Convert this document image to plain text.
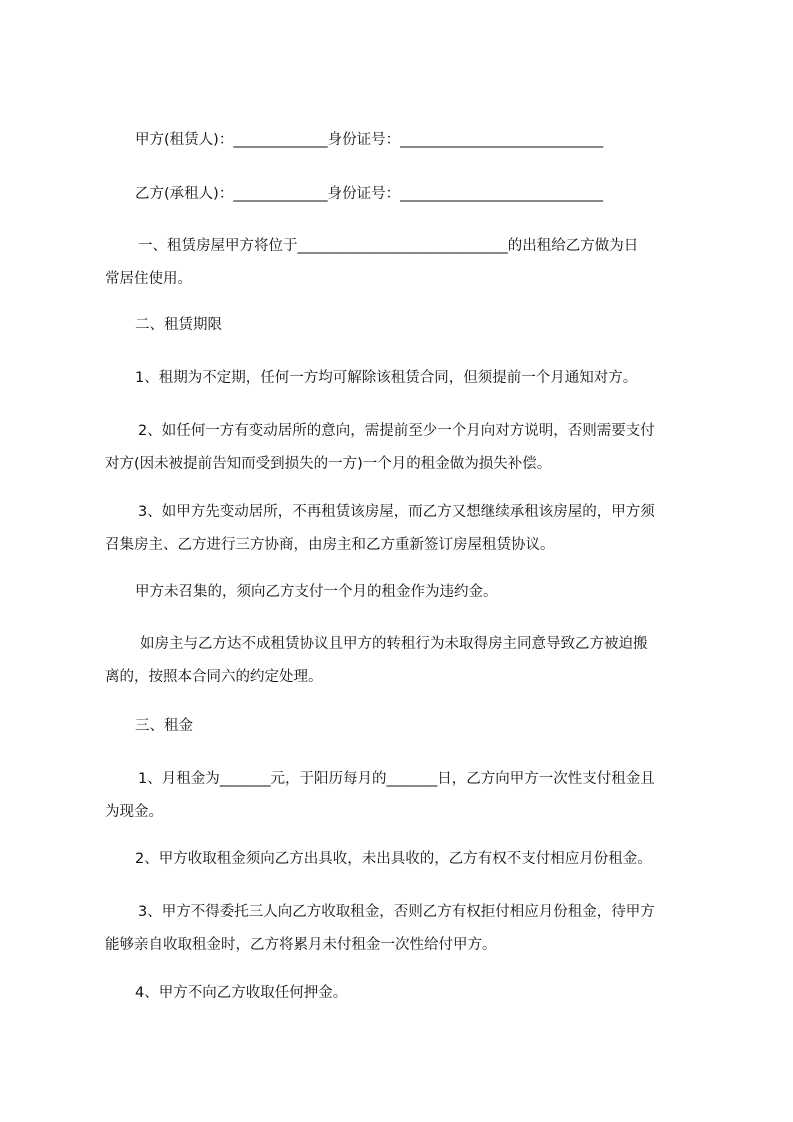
甲方(租赁人)：_____________身份证号：____________________________

乙方(承租人)：_____________身份证号：____________________________

一、租赁房屋甲方将位于_____________________________的出租给乙方做为日
常居住使用。

二、租赁期限

1、租期为不定期，任何一方均可解除该租赁合同，但须提前一个月通知对方。

2、如任何一方有变动居所的意向，需提前至少一个月向对方说明，否则需要支付
对方(因未被提前告知而受到损失的一方)一个月的租金做为损失补偿。

3、如甲方先变动居所，不再租赁该房屋，而乙方又想继续承租该房屋的，甲方须
召集房主、乙方进行三方协商，由房主和乙方重新签订房屋租赁协议。

甲方未召集的，须向乙方支付一个月的租金作为违约金。

如房主与乙方达不成租赁协议且甲方的转租行为未取得房主同意导致乙方被迫搬
离的，按照本合同六的约定处理。

三、租金

1、月租金为_______元，于阳历每月的_______日，乙方向甲方一次性支付租金且
为现金。

2、甲方收取租金须向乙方出具收，未出具收的，乙方有权不支付相应月份租金。

3、甲方不得委托三人向乙方收取租金，否则乙方有权拒付相应月份租金，待甲方
能够亲自收取租金时，乙方将累月未付租金一次性给付甲方。

4、甲方不向乙方收取任何押金。
